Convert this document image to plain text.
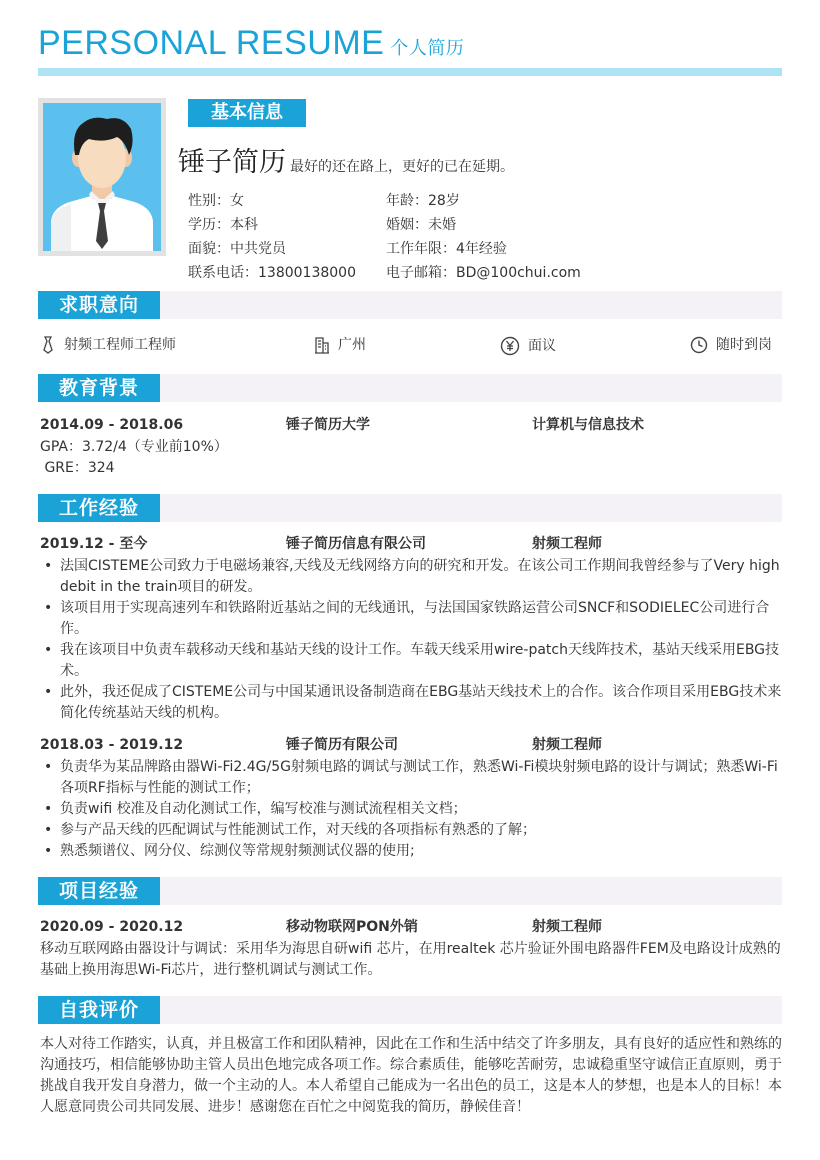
PERSONAL RESUME 个人简历
基本信息
锤子简历 最好的还在路上，更好的已在延期。
性别：女	年龄：28岁
学历：本科	婚姻：未婚
面貌：中共党员	工作年限：4年经验
联系电话：13800138000 电子邮箱：BD@100chui.com
求职意向
射频工程师工程师	广州	面议	随时到岗
教育背景
2014.09 - 2018.06	锤子简历大学	计算机与信息技术
GPA：3.72/4（专业前10%）
GRE：324
工作经验
2019.12 - 至今	锤子简历信息有限公司	射频工程师
• 法国CISTEME公司致力于电磁场兼容,天线及无线网络方向的研究和开发。在该公司工作期间我曾经参与了Very high debit in the train项目的研发。
• 该项目用于实现高速列车和铁路附近基站之间的无线通讯，与法国国家铁路运营公司SNCF和SODIELEC公司进行合作。
• 我在该项目中负责车载移动天线和基站天线的设计工作。车载天线采用wire-patch天线阵技术，基站天线采用EBG技术。
• 此外，我还促成了CISTEME公司与中国某通讯设备制造商在EBG基站天线技术上的合作。该合作项目采用EBG技术来简化传统基站天线的机构。
2018.03 - 2019.12	锤子简历有限公司	射频工程师
• 负责华为某品牌路由器Wi-Fi2.4G/5G射频电路的调试与测试工作，熟悉Wi-Fi模块射频电路的设计与调试；熟悉Wi-Fi各项RF指标与性能的测试工作；
• 负责wifi 校准及自动化测试工作，编写校准与测试流程相关文档；
• 参与产品天线的匹配调试与性能测试工作，对天线的各项指标有熟悉的了解；
• 熟悉频谱仪、网分仪、综测仪等常规射频测试仪器的使用;
项目经验
2020.09 - 2020.12	移动物联网PON外销	射频工程师
移动互联网路由器设计与调试：采用华为海思自研wifi 芯片，在用realtek 芯片验证外围电路器件FEM及电路设计成熟的基础上换用海思Wi-Fi芯片，进行整机调试与测试工作。
自我评价
本人对待工作踏实，认真，并且极富工作和团队精神，因此在工作和生活中结交了许多朋友，具有良好的适应性和熟练的沟通技巧，相信能够协助主管人员出色地完成各项工作。综合素质佳，能够吃苦耐劳，忠诚稳重坚守诚信正直原则，勇于挑战自我开发自身潜力，做一个主动的人。本人希望自己能成为一名出色的员工，这是本人的梦想，也是本人的目标！本人愿意同贵公司共同发展、进步！感谢您在百忙之中阅览我的简历，静候佳音！
